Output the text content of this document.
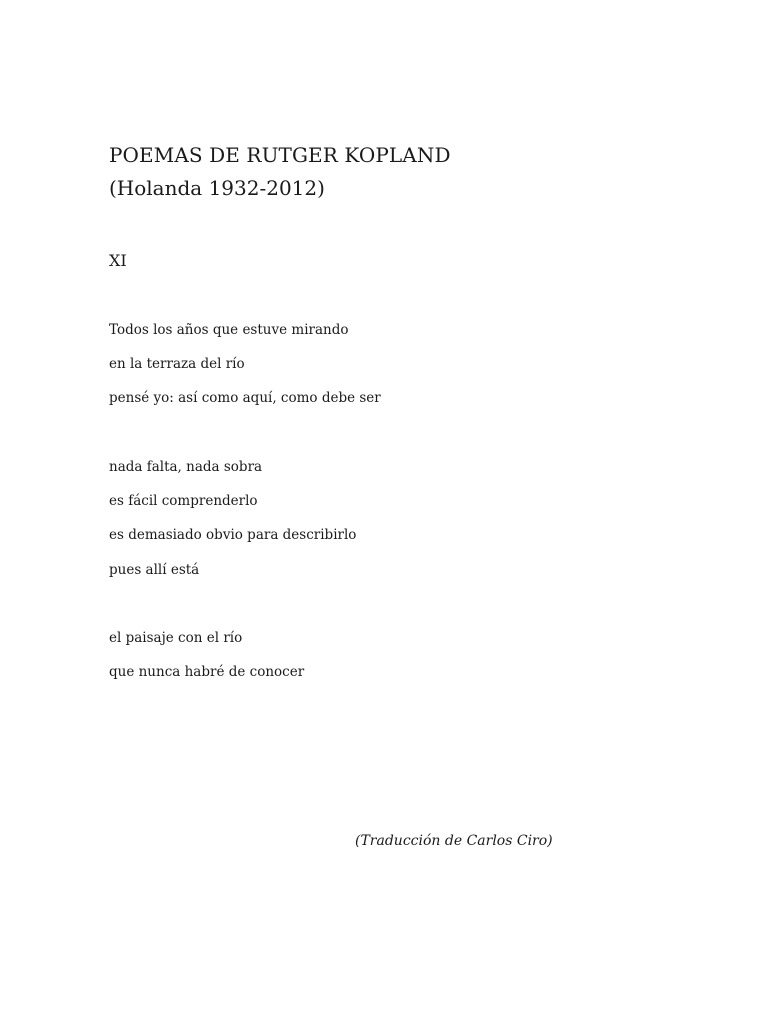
POEMAS DE RUTGER KOPLAND
(Holanda 1932-2012)
XI

Todos los años que estuve mirando

en la terraza del río

pensé yo: así como aquí, como debe ser

nada falta, nada sobra

es fácil comprenderlo

es demasiado obvio para describirlo

pues allí está

el paisaje con el río

que nunca habré de conocer

(Traducción de Carlos Ciro)
